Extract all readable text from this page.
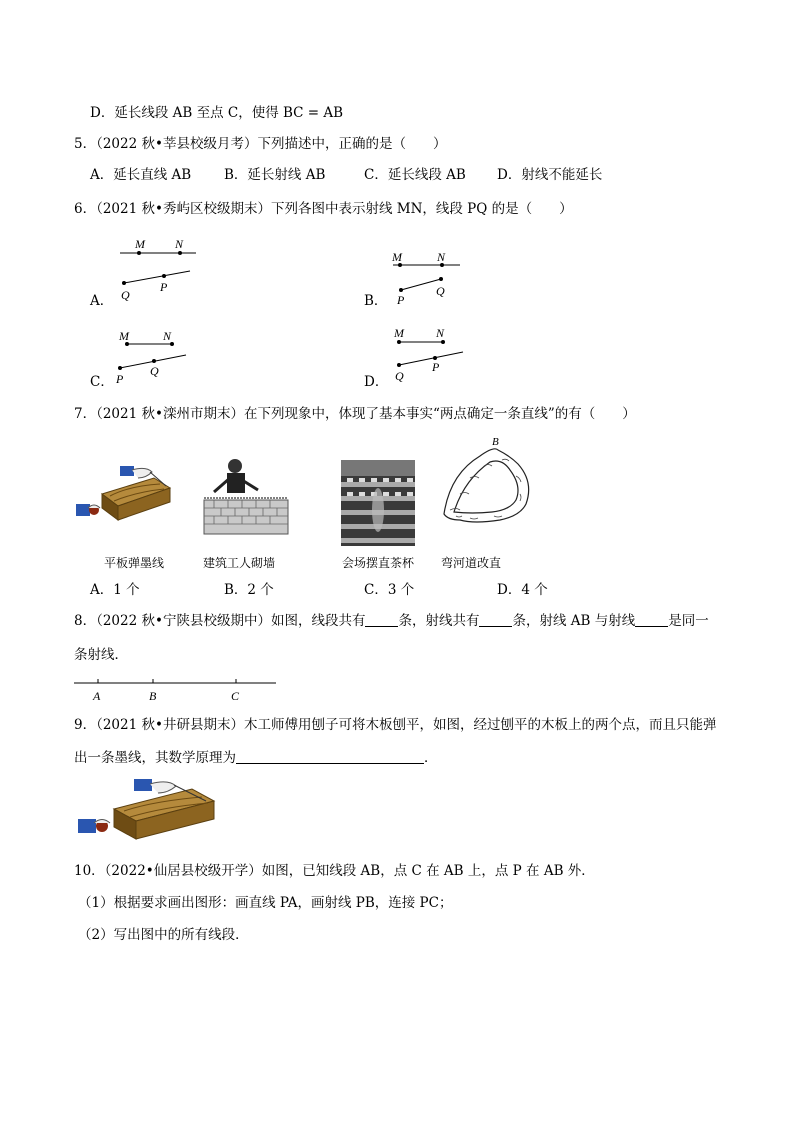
D．延长线段 AB 至点 C，使得 BC = AB
5．（2022 秋•莘县校级月考）下列描述中，正确的是（　　）
A．延长直线 AB B．延长射线 AB	C．延长线段 AB D．射线不能延长
6．（2021 秋•秀屿区校级期末）下列各图中表示射线 MN，线段 PQ 的是（　　）
A．
M	N
Q
P
B．
M	N
P
Q
C．
M	N
P
Q
D．
M	N
Q
P
7．（2021 秋•滦州市期末）在下列现象中，体现了基本事实“两点确定一条直线”的有（　　）
平板弹墨线	建筑工人砌墙	会场摆直茶杯
B
弯河道改直
A．1 个	B．2 个	C．3 个	D．4 个
8．（2022 秋•宁陕县校级期中）如图，线段共有 条，射线共有 条，射线 AB 与射线 是同一
条射线．
A	B	C
9．（2021 秋•井研县期末）木工师傅用刨子可将木板刨平，如图，经过刨平的木板上的两个点，而且只能弹
出一条墨线，其数学原理为	．
10．（2022•仙居县校级开学）如图，已知线段 AB，点 C 在 AB 上，点 P 在 AB 外．
（1）根据要求画出图形：画直线 PA，画射线 PB，连接 PC；
（2）写出图中的所有线段．
